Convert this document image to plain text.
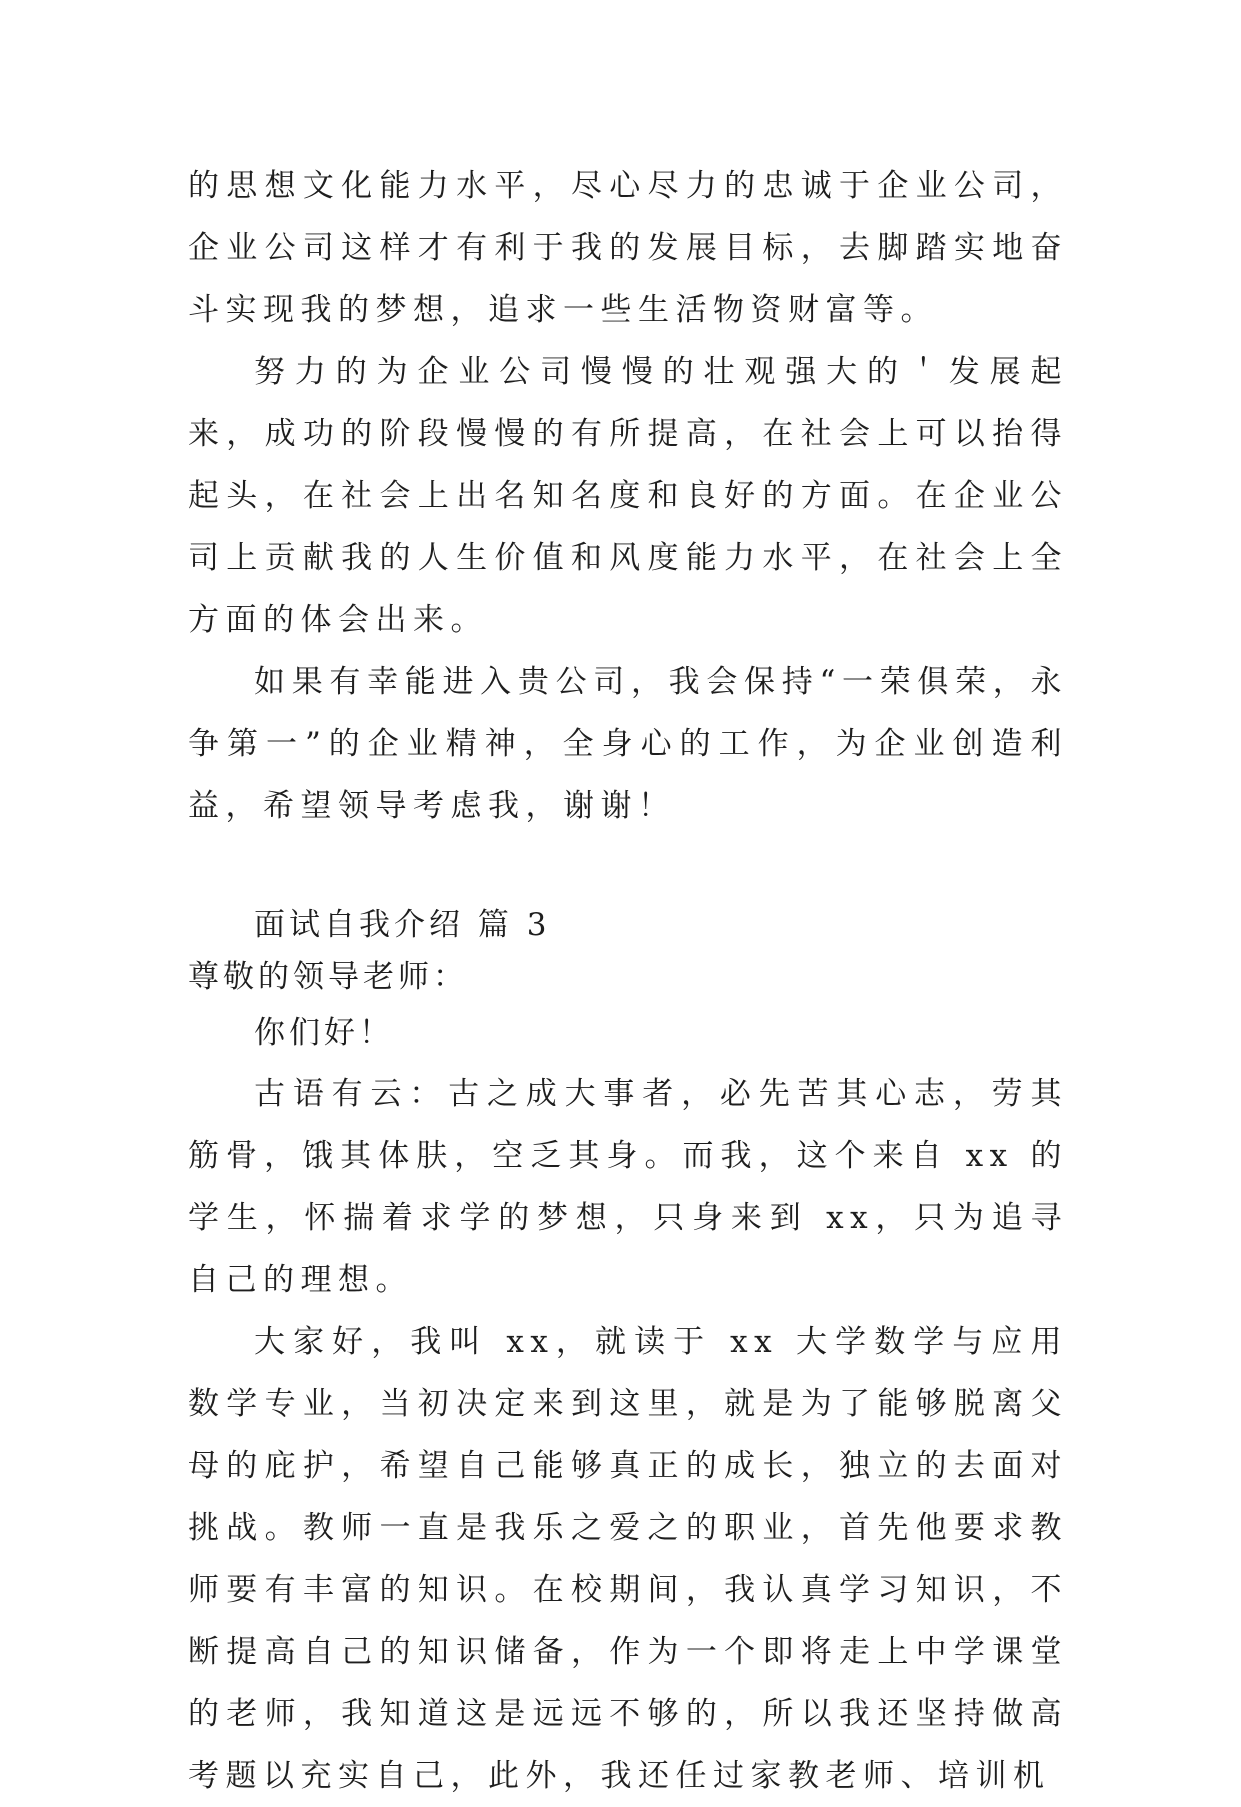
的思想文化能力水平，尽心尽力的忠诚于企业公司，企业公司这样才有利于我的发展目标，去脚踏实地奋斗实现我的梦想，追求一些生活物资财富等。

努力的为企业公司慢慢的壮观强大的＇发展起来，成功的阶段慢慢的有所提高，在社会上可以抬得起头，在社会上出名知名度和良好的方面。在企业公司上贡献我的人生价值和风度能力水平，在社会上全方面的体会出来。

如果有幸能进入贵公司，我会保持“一荣俱荣，永争第一”的企业精神，全身心的工作，为企业创造利益，希望领导考虑我，谢谢！

面试自我介绍 篇 3

尊敬的领导老师：

你们好！

古语有云：古之成大事者，必先苦其心志，劳其筋骨，饿其体肤，空乏其身。而我，这个来自 xx 的学生，怀揣着求学的梦想，只身来到 xx，只为追寻自己的理想。

大家好，我叫 xx，就读于 xx 大学数学与应用数学专业，当初决定来到这里，就是为了能够脱离父母的庇护，希望自己能够真正的成长，独立的去面对挑战。教师一直是我乐之爱之的职业，首先他要求教师要有丰富的知识。在校期间，我认真学习知识，不断提高自己的知识储备，作为一个即将走上中学课堂的老师，我知道这是远远不够的，所以我还坚持做高考题以充实自己，此外，我还任过家教老师、培训机
